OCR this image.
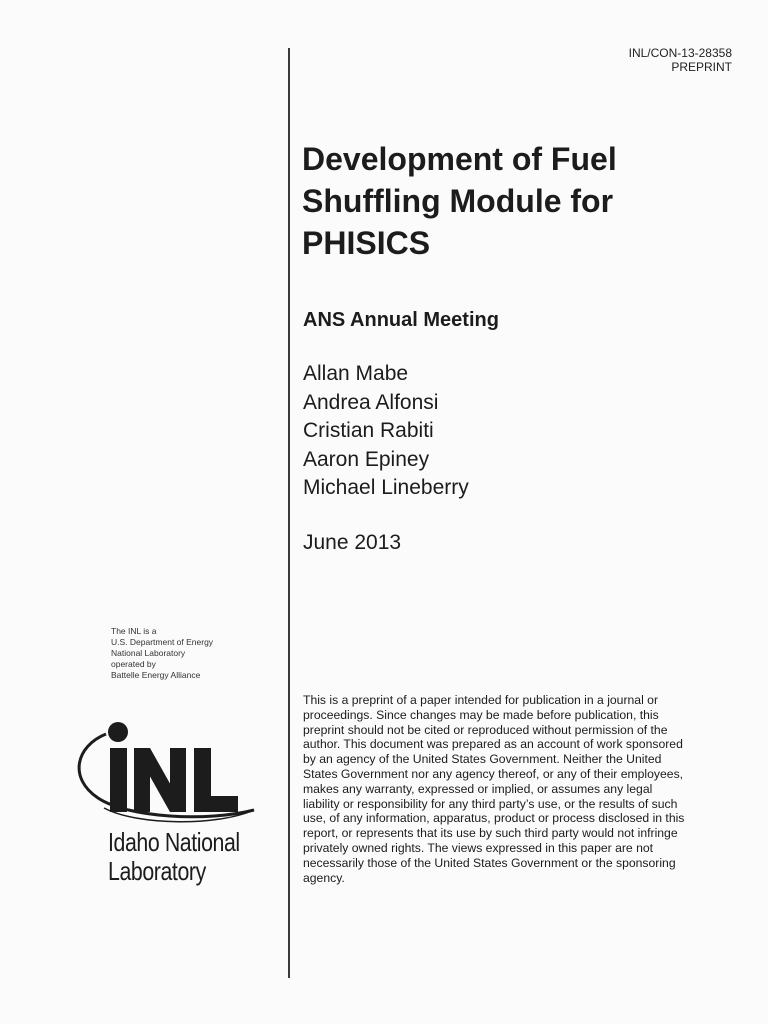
INL/CON-13-28358
PREPRINT
Development of Fuel Shuffling Module for PHISICS
ANS Annual Meeting
Allan Mabe
Andrea Alfonsi
Cristian Rabiti
Aaron Epiney
Michael Lineberry
June 2013
The INL is a
U.S. Department of Energy
National Laboratory
operated by
Battelle Energy Alliance
Idaho National
Laboratory

This is a preprint of a paper intended for publication in a journal or proceedings. Since changes may be made before publication, this preprint should not be cited or reproduced without permission of the author. This document was prepared as an account of work sponsored by an agency of the United States Government. Neither the United States Government nor any agency thereof, or any of their employees, makes any warranty, expressed or implied, or assumes any legal liability or responsibility for any third party’s use, or the results of such use, of any information, apparatus, product or process disclosed in this report, or represents that its use by such third party would not infringe privately owned rights. The views expressed in this paper are not necessarily those of the United States Government or the sponsoring agency.
